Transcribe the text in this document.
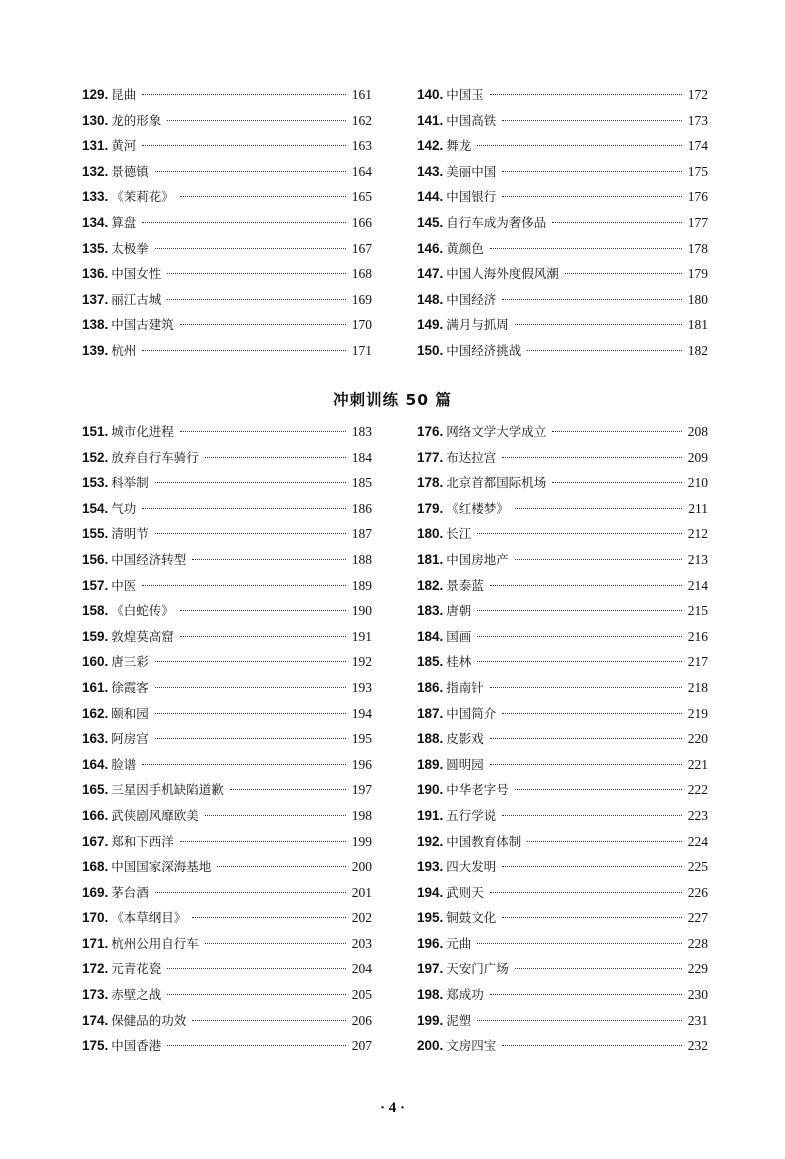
129. 昆曲	161
130. 龙的形象	162
131. 黄河	163
132. 景德镇	164
133. 《茉莉花》	165
134. 算盘	166
135. 太极拳	167
136. 中国女性	168
137. 丽江古城	169
138. 中国古建筑	170
139. 杭州	171
140. 中国玉	172
141. 中国高铁	173
142. 舞龙	174
143. 美丽中国	175
144. 中国银行	176
145. 自行车成为奢侈品	177
146. 黄颜色	178
147. 中国人海外度假风潮	179
148. 中国经济	180
149. 满月与抓周	181
150. 中国经济挑战	182
冲刺训练 50 篇
151. 城市化进程	183
152. 放弃自行车骑行	184
153. 科举制	185
154. 气功	186
155. 清明节	187
156. 中国经济转型	188
157. 中医	189
158. 《白蛇传》	190
159. 敦煌莫高窟	191
160. 唐三彩	192
161. 徐霞客	193
162. 颐和园	194
163. 阿房宫	195
164. 脸谱	196
165. 三星因手机缺陷道歉	197
166. 武侠剧风靡欧美	198
167. 郑和下西洋	199
168. 中国国家深海基地	200
169. 茅台酒	201
170. 《本草纲目》	202
171. 杭州公用自行车	203
172. 元青花瓷	204
173. 赤壁之战	205
174. 保健品的功效	206
175. 中国香港	207
176. 网络文学大学成立	208
177. 布达拉宫	209
178. 北京首都国际机场	210
179. 《红楼梦》	211
180. 长江	212
181. 中国房地产	213
182. 景泰蓝	214
183. 唐朝	215
184. 国画	216
185. 桂林	217
186. 指南针	218
187. 中国简介	219
188. 皮影戏	220
189. 圆明园	221
190. 中华老字号	222
191. 五行学说	223
192. 中国教育体制	224
193. 四大发明	225
194. 武则天	226
195. 铜鼓文化	227
196. 元曲	228
197. 天安门广场	229
198. 郑成功	230
199. 泥塑	231
200. 文房四宝	232
· 4 ·
